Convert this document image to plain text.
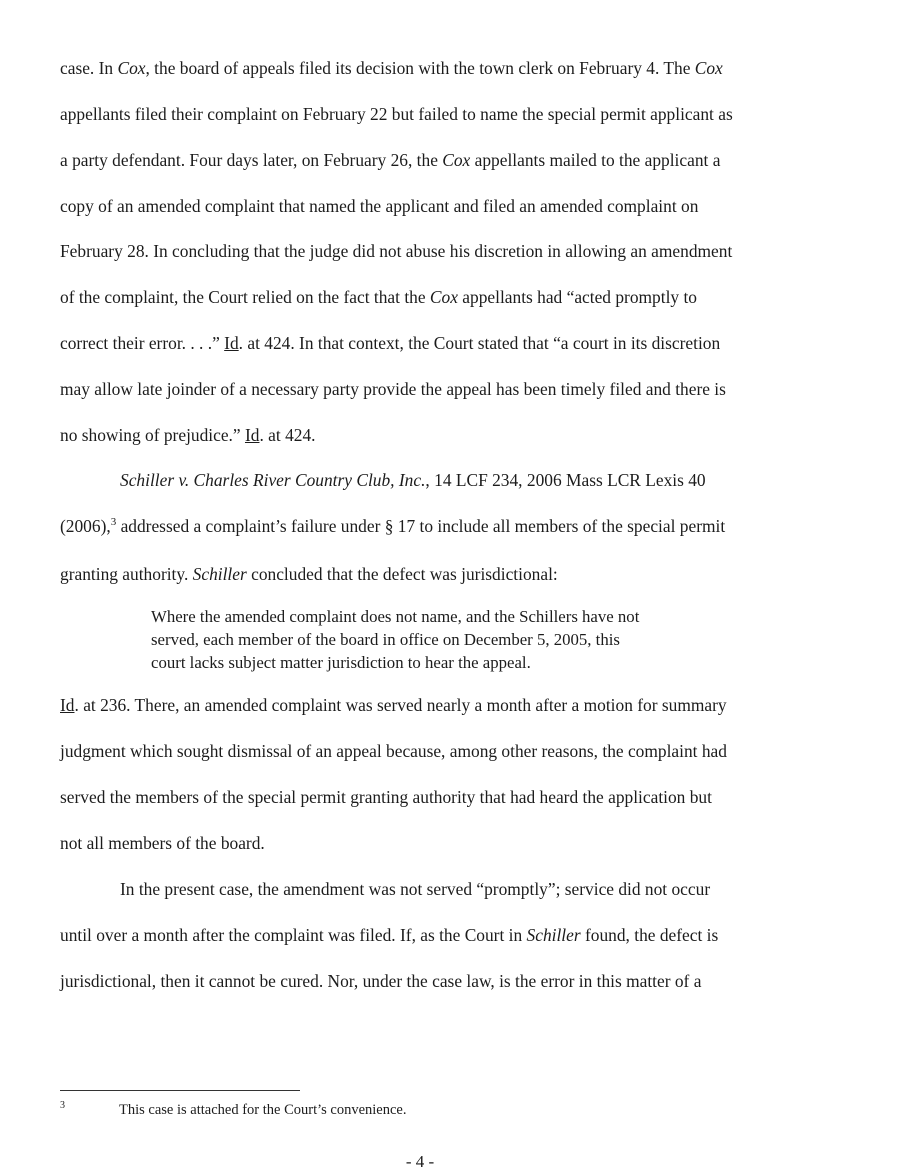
case. In Cox, the board of appeals filed its decision with the town clerk on February 4. The Cox
appellants filed their complaint on February 22 but failed to name the special permit applicant as
a party defendant. Four days later, on February 26, the Cox appellants mailed to the applicant a
copy of an amended complaint that named the applicant and filed an amended complaint on
February 28. In concluding that the judge did not abuse his discretion in allowing an amendment
of the complaint, the Court relied on the fact that the Cox appellants had “acted promptly to
correct their error. . . .” Id. at 424. In that context, the Court stated that “a court in its discretion
may allow late joinder of a necessary party provide the appeal has been timely filed and there is
no showing of prejudice.” Id. at 424.
Schiller v. Charles River Country Club, Inc., 14 LCF 234, 2006 Mass LCR Lexis 40
(2006),$^3$ addressed a complaint’s failure under § 17 to include all members of the special permit
granting authority. Schiller concluded that the defect was jurisdictional:
Where the amended complaint does not name, and the Schillers have not
served, each member of the board in office on December 5, 2005, this
court lacks subject matter jurisdiction to hear the appeal.
Id. at 236. There, an amended complaint was served nearly a month after a motion for summary
judgment which sought dismissal of an appeal because, among other reasons, the complaint had
served the members of the special permit granting authority that had heard the application but
not all members of the board.
In the present case, the amendment was not served “promptly”; service did not occur
until over a month after the complaint was filed. If, as the Court in Schiller found, the defect is
jurisdictional, then it cannot be cured. Nor, under the case law, is the error in this matter of a
3	This case is attached for the Court’s convenience.
- 4 -
